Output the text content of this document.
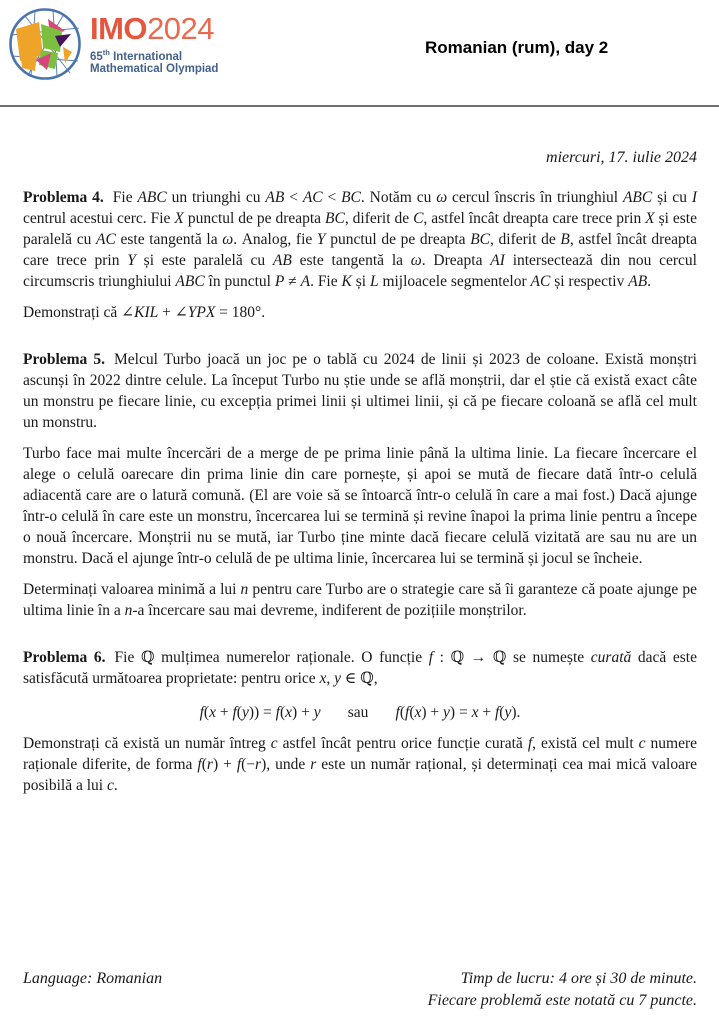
IMO2024
65th International
Mathematical Olympiad
Romanian (rum), day 2
miercuri, 17. iulie 2024

Problema 4. Fie ABC un triunghi cu AB < AC < BC. Notăm cu ω cercul înscris în triunghiul ABC și cu I centrul acestui cerc. Fie X punctul de pe dreapta BC, diferit de C, astfel încât dreapta care trece prin X și este paralelă cu AC este tangentă la ω. Analog, fie Y punctul de pe dreapta BC, diferit de B, astfel încât dreapta care trece prin Y și este paralelă cu AB este tangentă la ω. Dreapta AI intersectează din nou cercul circumscris triunghiului ABC în punctul P ≠ A. Fie K și L mijloacele segmentelor AC și respectiv AB.

Demonstrați că ∠KIL + ∠YPX = 180°.

Problema 5. Melcul Turbo joacă un joc pe o tablă cu 2024 de linii și 2023 de coloane. Există monștri ascunși în 2022 dintre celule. La început Turbo nu știe unde se află monștrii, dar el știe că există exact câte un monstru pe fiecare linie, cu excepția primei linii și ultimei linii, și că pe fiecare coloană se află cel mult un monstru.

Turbo face mai multe încercări de a merge de pe prima linie până la ultima linie. La fiecare încercare el alege o celulă oarecare din prima linie din care pornește, și apoi se mută de fiecare dată într-o celulă adiacentă care are o latură comună. (El are voie să se întoarcă într-o celulă în care a mai fost.) Dacă ajunge într-o celulă în care este un monstru, încercarea lui se termină și revine înapoi la prima linie pentru a începe o nouă încercare. Monștrii nu se mută, iar Turbo ține minte dacă fiecare celulă vizitată are sau nu are un monstru. Dacă el ajunge într-o celulă de pe ultima linie, încercarea lui se termină și jocul se încheie.

Determinați valoarea minimă a lui n pentru care Turbo are o strategie care să îi garanteze că poate ajunge pe ultima linie în a n-a încercare sau mai devreme, indiferent de pozițiile monștrilor.

Problema 6. Fie ℚ mulțimea numerelor raționale. O funcție f : ℚ → ℚ se numește curată dacă este satisfăcută următoarea proprietate: pentru orice x, y ∈ ℚ,

f(x + f(y)) = f(x) + y       sau       f(f(x) + y) = x + f(y).

Demonstrați că există un număr întreg c astfel încât pentru orice funcție curată f, există cel mult c numere raționale diferite, de forma f(r) + f(−r), unde r este un număr rațional, și determinați cea mai mică valoare posibilă a lui c.

Language: Romanian	Timp de lucru: 4 ore și 30 de minute.
Fiecare problemă este notată cu 7 puncte.
